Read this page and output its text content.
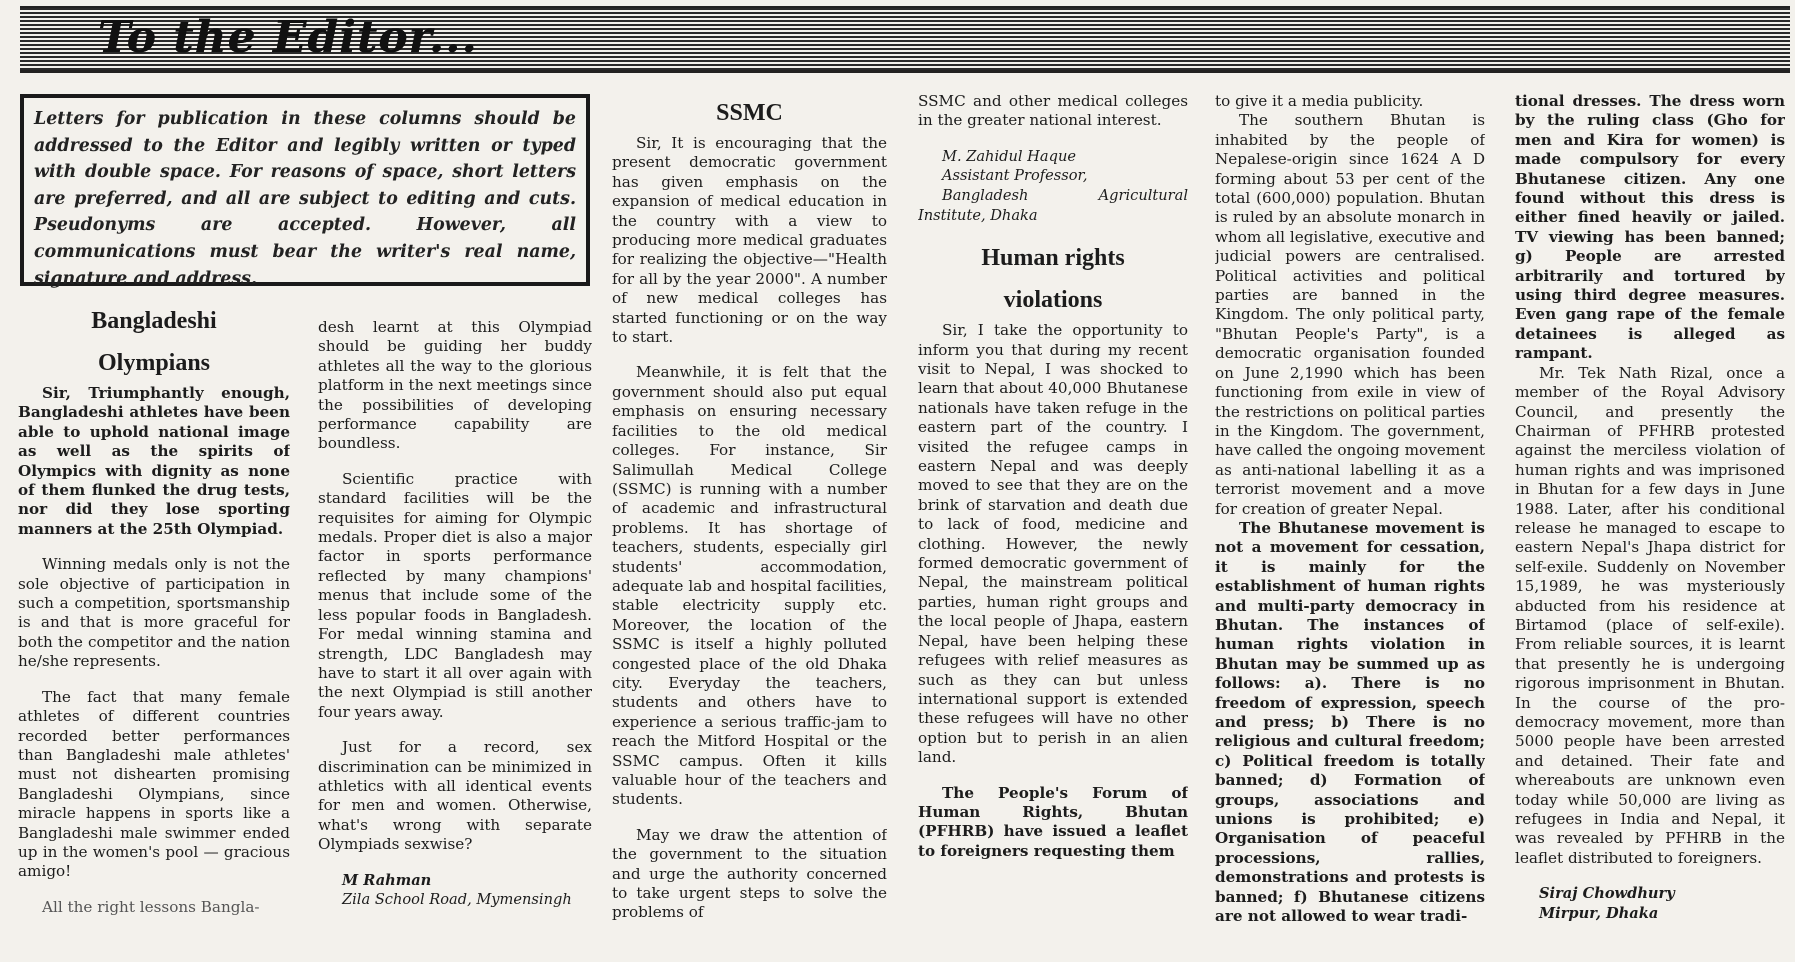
To the Editor...
Letters for publication in these columns should be addressed to the Editor and legibly written or typed with double space. For reasons of space, short letters are preferred, and all are subject to editing and cuts. Pseudonyms are accepted. However, all communications must bear the writer's real name, signature and address.
Bangladeshi
Olympians

Sir, Triumphantly enough, Bangladeshi athletes have been able to uphold national image as well as the spirits of Olympics with dignity as none of them flunked the drug tests, nor did they lose sporting manners at the 25th Olympiad.

Winning medals only is not the sole objective of participation in such a competition, sportsmanship is and that is more graceful for both the competitor and the nation he/she represents.

The fact that many female athletes of different countries recorded better performances than Bangladeshi male athletes' must not dishearten promising Bangladeshi Olympians, since miracle happens in sports like a Bangladeshi male swimmer ended up in the women's pool — gracious amigo!

All the right lessons Bangla-

desh learnt at this Olympiad should be guiding her buddy athletes all the way to the glorious platform in the next meetings since the possibilities of developing performance capability are boundless.

Scientific practice with standard facilities will be the requisites for aiming for Olympic medals. Proper diet is also a major factor in sports performance reflected by many champions' menus that include some of the less popular foods in Bangladesh. For medal winning stamina and strength, LDC Bangladesh may have to start it all over again with the next Olympiad is still another four years away.

Just for a record, sex discrimination can be minimized in athletics with all identical events for men and women. Otherwise, what's wrong with separate Olympiads sexwise?

M Rahman

Zila School Road, Mymensingh

SSMC

Sir, It is encouraging that the present democratic government has given emphasis on the expansion of medical education in the country with a view to producing more medical graduates for realizing the objective—"Health for all by the year 2000". A number of new medical colleges has started functioning or on the way to start.

Meanwhile, it is felt that the government should also put equal emphasis on ensuring necessary facilities to the old medical colleges. For instance, Sir Salimullah Medical College (SSMC) is running with a number of academic and infrastructural problems. It has shortage of teachers, students, especially girl students' accommodation, adequate lab and hospital facilities, stable electricity supply etc. Moreover, the location of the SSMC is itself a highly polluted congested place of the old Dhaka city. Everyday the teachers, students and others have to experience a serious traffic-jam to reach the Mitford Hospital or the SSMC campus. Often it kills valuable hour of the teachers and students.

May we draw the attention of the government to the situation and urge the authority concerned to take urgent steps to solve the problems of

SSMC and other medical colleges in the greater national interest.

M. Zahidul Haque

Assistant Professor,

Bangladesh Agricultural Institute, Dhaka

Human rights
violations

Sir, I take the opportunity to inform you that during my recent visit to Nepal, I was shocked to learn that about 40,000 Bhutanese nationals have taken refuge in the eastern part of the country. I visited the refugee camps in eastern Nepal and was deeply moved to see that they are on the brink of starvation and death due to lack of food, medicine and clothing. However, the newly formed democratic government of Nepal, the mainstream political parties, human right groups and the local people of Jhapa, eastern Nepal, have been helping these refugees with relief measures as such as they can but unless international support is extended these refugees will have no other option but to perish in an alien land.

The People's Forum of Human Rights, Bhutan (PFHRB) have issued a leaflet to foreigners requesting them

to give it a media publicity.

The southern Bhutan is inhabited by the people of Nepalese-origin since 1624 A D forming about 53 per cent of the total (600,000) population. Bhutan is ruled by an absolute monarch in whom all legislative, executive and judicial powers are centralised. Political activities and political parties are banned in the Kingdom. The only political party, "Bhutan People's Party", is a democratic organisation founded on June 2,1990 which has been functioning from exile in view of the restrictions on political parties in the Kingdom. The government, have called the ongoing movement as anti-national labelling it as a terrorist movement and a move for creation of greater Nepal.

The Bhutanese movement is not a movement for cessation, it is mainly for the establishment of human rights and multi-party democracy in Bhutan. The instances of human rights violation in Bhutan may be summed up as follows: a). There is no freedom of expression, speech and press; b) There is no religious and cultural freedom; c) Political freedom is totally banned; d) Formation of groups, associations and unions is prohibited; e) Organisation of peaceful processions, rallies, demonstrations and protests is banned; f) Bhutanese citizens are not allowed to wear tradi-

tional dresses. The dress worn by the ruling class (Gho for men and Kira for women) is made compulsory for every Bhutanese citizen. Any one found without this dress is either fined heavily or jailed. TV viewing has been banned; g) People are arrested arbitrarily and tortured by using third degree measures. Even gang rape of the female detainees is alleged as rampant.

Mr. Tek Nath Rizal, once a member of the Royal Advisory Council, and presently the Chairman of PFHRB protested against the merciless violation of human rights and was imprisoned in Bhutan for a few days in June 1988. Later, after his conditional release he managed to escape to eastern Nepal's Jhapa district for self-exile. Suddenly on November 15,1989, he was mysteriously abducted from his residence at Birtamod (place of self-exile). From reliable sources, it is learnt that presently he is undergoing rigorous imprisonment in Bhutan. In the course of the pro-democracy movement, more than 5000 people have been arrested and detained. Their fate and whereabouts are unknown even today while 50,000 are living as refugees in India and Nepal, it was revealed by PFHRB in the leaflet distributed to foreigners.

Siraj Chowdhury

Mirpur, Dhaka
